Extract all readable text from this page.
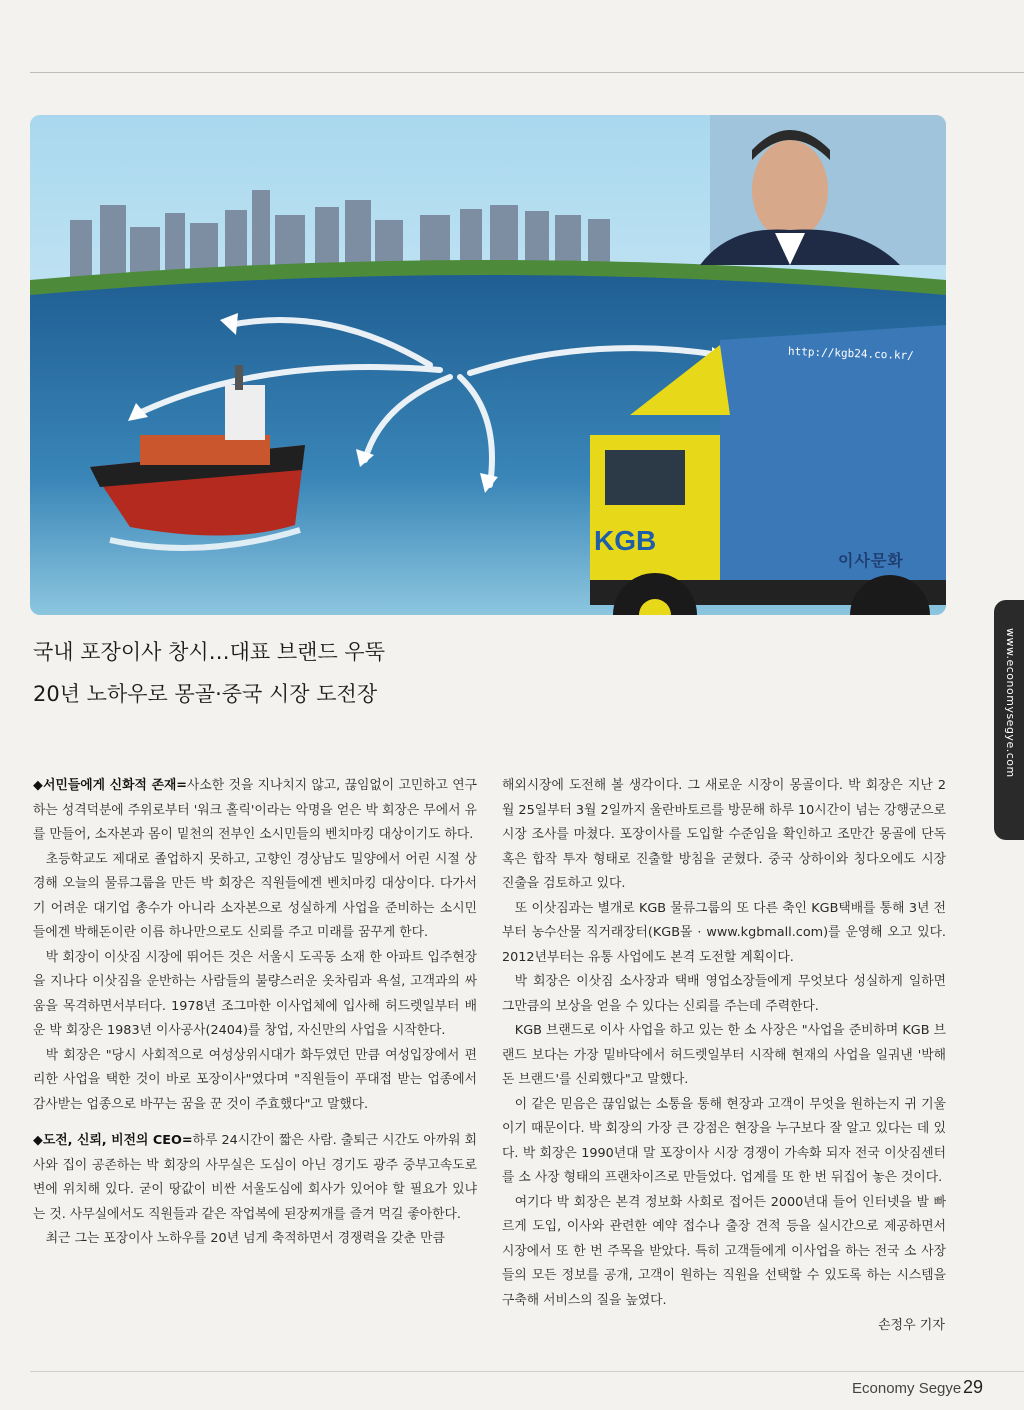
http://kgb24.co.kr/
KGB
이사문화
국내 포장이사 창시…대표 브랜드 우뚝
20년 노하우로 몽골·중국 시장 도전장	www.economysegye.com

◆서민들에게 신화적 존재=사소한 것을 지나치지 않고, 끊임없이 고민하고 연구하는 성격덕분에 주위로부터 '워크 홀릭'이라는 악명을 얻은 박 회장은 무에서 유를 만들어, 소자본과 몸이 밑천의 전부인 소시민들의 벤치마킹 대상이기도 하다.

초등학교도 제대로 졸업하지 못하고, 고향인 경상남도 밀양에서 어린 시절 상경해 오늘의 물류그룹을 만든 박 회장은 직원들에겐 벤치마킹 대상이다. 다가서기 어려운 대기업 총수가 아니라 소자본으로 성실하게 사업을 준비하는 소시민들에겐 박해돈이란 이름 하나만으로도 신뢰를 주고 미래를 꿈꾸게 한다.

박 회장이 이삿짐 시장에 뛰어든 것은 서울시 도곡동 소재 한 아파트 입주현장을 지나다 이삿짐을 운반하는 사람들의 불량스러운 옷차림과 욕설, 고객과의 싸움을 목격하면서부터다. 1978년 조그마한 이사업체에 입사해 허드렛일부터 배운 박 회장은 1983년 이사공사(2404)를 창업, 자신만의 사업을 시작한다.

박 회장은 "당시 사회적으로 여성상위시대가 화두였던 만큼 여성입장에서 편리한 사업을 택한 것이 바로 포장이사"였다며 "직원들이 푸대접 받는 업종에서 감사받는 업종으로 바꾸는 꿈을 꾼 것이 주효했다"고 말했다.

◆도전, 신뢰, 비전의 CEO=하루 24시간이 짧은 사람. 출퇴근 시간도 아까워 회사와 집이 공존하는 박 회장의 사무실은 도심이 아닌 경기도 광주 중부고속도로 변에 위치해 있다. 굳이 땅값이 비싼 서울도심에 회사가 있어야 할 필요가 있냐는 것. 사무실에서도 직원들과 같은 작업복에 된장찌개를 즐겨 먹길 좋아한다.

최근 그는 포장이사 노하우를 20년 넘게 축적하면서 경쟁력을 갖춘 만큼

해외시장에 도전해 볼 생각이다. 그 새로운 시장이 몽골이다. 박 회장은 지난 2월 25일부터 3월 2일까지 울란바토르를 방문해 하루 10시간이 넘는 강행군으로 시장 조사를 마쳤다. 포장이사를 도입할 수준임을 확인하고 조만간 몽골에 단독 혹은 합작 투자 형태로 진출할 방침을 굳혔다. 중국 상하이와 칭다오에도 시장 진출을 검토하고 있다.

또 이삿짐과는 별개로 KGB 물류그룹의 또 다른 축인 KGB택배를 통해 3년 전부터 농수산물 직거래장터(KGB몰 · www.kgbmall.com)를 운영해 오고 있다. 2012년부터는 유통 사업에도 본격 도전할 계획이다.

박 회장은 이삿짐 소사장과 택배 영업소장들에게 무엇보다 성실하게 일하면 그만큼의 보상을 얻을 수 있다는 신뢰를 주는데 주력한다.

KGB 브랜드로 이사 사업을 하고 있는 한 소 사장은 "사업을 준비하며 KGB 브랜드 보다는 가장 밑바닥에서 허드렛일부터 시작해 현재의 사업을 일궈낸 '박해돈 브랜드'를 신뢰했다"고 말했다.

이 같은 믿음은 끊임없는 소통을 통해 현장과 고객이 무엇을 원하는지 귀 기울이기 때문이다. 박 회장의 가장 큰 강점은 현장을 누구보다 잘 알고 있다는 데 있다. 박 회장은 1990년대 말 포장이사 시장 경쟁이 가속화 되자 전국 이삿짐센터를 소 사장 형태의 프랜차이즈로 만들었다. 업계를 또 한 번 뒤집어 놓은 것이다.

여기다 박 회장은 본격 정보화 사회로 접어든 2000년대 들어 인터넷을 발 빠르게 도입, 이사와 관련한 예약 접수나 출장 견적 등을 실시간으로 제공하면서 시장에서 또 한 번 주목을 받았다. 특히 고객들에게 이사업을 하는 전국 소 사장들의 모든 정보를 공개, 고객이 원하는 직원을 선택할 수 있도록 하는 시스템을 구축해 서비스의 질을 높였다.

손정우 기자
Economy Segye 29
